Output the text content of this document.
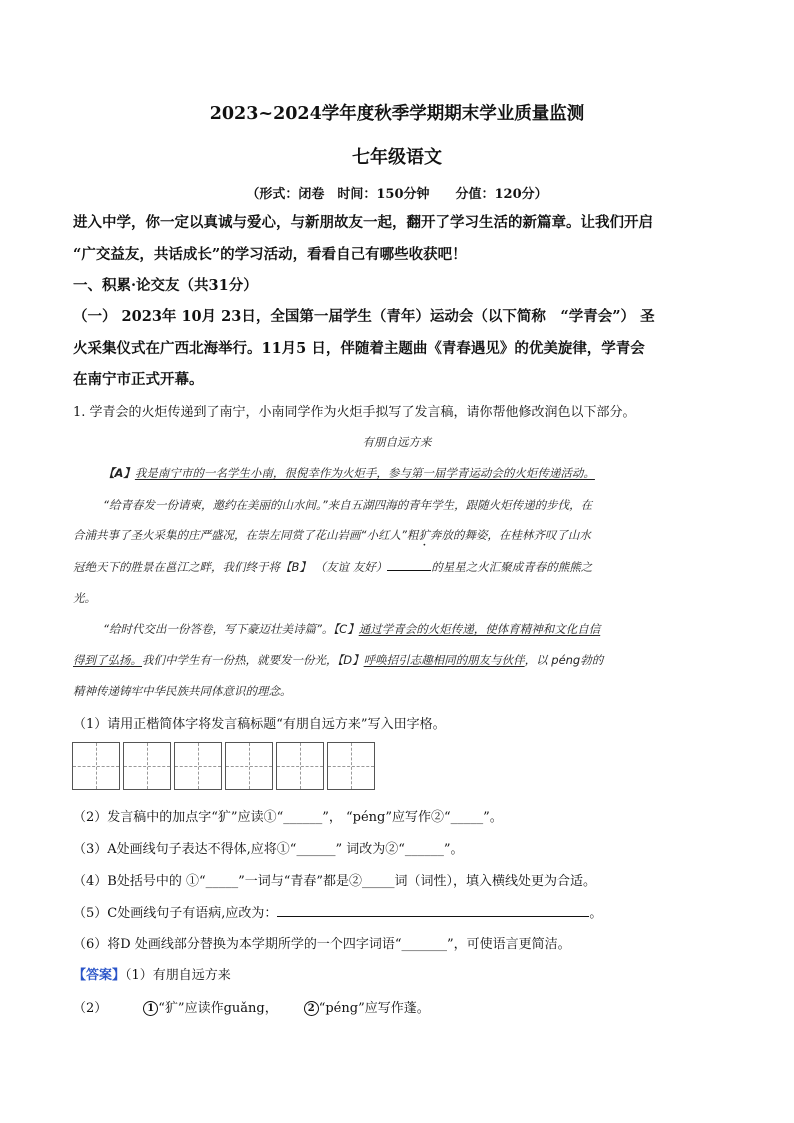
2023~2024学年度秋季学期期末学业质量监测
七年级语文
（形式：闭卷　时间：150分钟　　分值：120分）
进入中学，你一定以真诚与爱心，与新朋故友一起，翻开了学习生活的新篇章。让我们开启
“广交益友，共话成长”的学习活动，看看自己有哪些收获吧！
一、积累·论交友（共31分）
（一） 2023年 10月 23日，全国第一届学生（青年）运动会（以下简称　“学青会”） 圣
火采集仪式在广西北海举行。11月5 日，伴随着主题曲《青春遇见》的优美旋律，学青会
在南宁市正式开幕。
1. 学青会的火炬传递到了南宁，小南同学作为火炬手拟写了发言稿，请你帮他修改润色以下部分。
有朋自远方来
【A】我是南宁市的一名学生小南，很倪幸作为火炬手，参与第一届学青运动会的火炬传递活动。
“给青春发一份请柬，邀约在美丽的山水间。”来自五湖四海的青年学生，跟随火炬传递的步伐，在
合浦共事了圣火采集的庄严盛况，在崇左同赏了花山岩画“小红人”粗犷奔放的舞姿，在桂林齐叹了山水
冠绝天下的胜景在邕江之畔，我们终于将【B】 （友谊 友好）	的星星之火汇聚成青春的熊熊之
光。
“给时代交出一份答卷，写下豪迈壮美诗篇”。【C】通过学青会的火炬传递，使体育精神和文化自信
得到了弘扬。我们中学生有一份热，就要发一份光，【D】呼唤招引志趣相同的朋友与伙伴，以 péng勃的
精神传递铸牢中华民族共同体意识的理念。
（1）请用正楷简体字将发言稿标题“有朋自远方来”写入田字格。
（2）发言稿中的加点字“犷”应读①“______”， “péng”应写作②“_____”。
（3）A处画线句子表达不得体,应将①“______” 词改为②“______”。
（4）B处括号中的 ①“_____”一词与“青春”都是②_____词（词性），填入横线处更为合适。
（5）C处画线句子有语病,应改为：	。
（6）将D 处画线部分替换为本学期所学的一个四字词语“_______”，可使语言更简洁。
【答案】（1）有朋自远方来
（2）	1 “犷”应读作guǎng，	2 “péng”应写作蓬。
